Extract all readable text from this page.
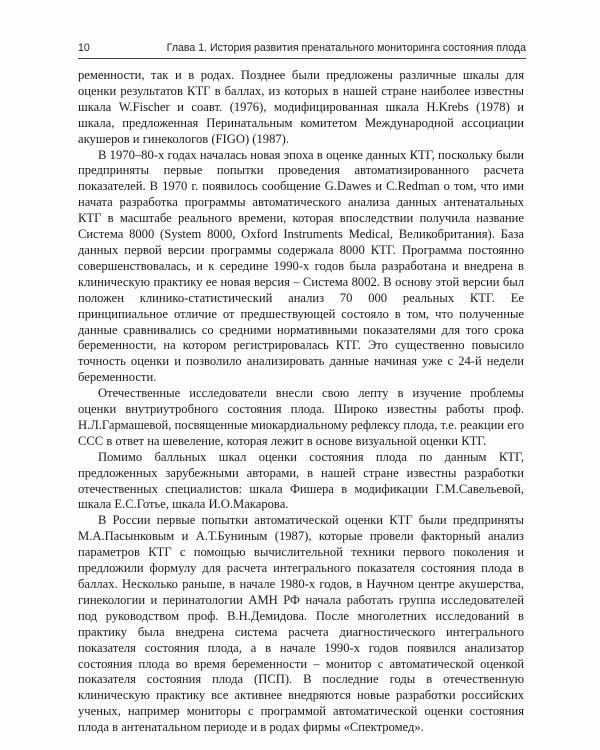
10	Глава 1. История развития пренатального мониторинга состояния плода

ременности, так и в родах. Позднее были предложены различные шкалы для оценки результатов КТГ в баллах, из которых в нашей стране наиболее известны шкала W.Fischer и соавт. (1976), модифицированная шкала H.Krebs (1978) и шкала, предложенная Перинатальным комитетом Международной ассоциации акушеров и гинекологов (FIGO) (1987).

В 1970–80-х годах началась новая эпоха в оценке данных КТГ, поскольку были предприняты первые попытки проведения автоматизированного расчета показателей. В 1970 г. появилось сообщение G.Dawes и C.Redman о том, что ими начата разработка программы автоматического анализа данных антенатальных КТГ в масштабе реального времени, которая впоследствии получила название Система 8000 (System 8000, Oxford Instruments Medical, Великобритания). База данных первой версии программы содержала 8000 КТГ. Программа постоянно совершенствовалась, и к середине 1990-х годов была разработана и внедрена в клиническую практику ее новая версия – Система 8002. В основу этой версии был положен клинико-статистический анализ 70 000 реальных КТГ. Ее принципиальное отличие от предшествующей состояло в том, что полученные данные сравнивались со средними нормативными показателями для того срока беременности, на котором регистрировалась КТГ. Это существенно повысило точность оценки и позволило анализировать данные начиная уже с 24-й недели беременности.

Отечественные исследователи внесли свою лепту в изучение проблемы оценки внутриутробного состояния плода. Широко известны работы проф. Н.Л.Гармашевой, посвященные миокардиальному рефлексу плода, т.е. реакции его ССС в ответ на шевеление, которая лежит в основе визуальной оценки КТГ.

Помимо балльных шкал оценки состояния плода по данным КТГ, предложенных зарубежными авторами, в нашей стране известны разработки отечественных специалистов: шкала Фишера в модификации Г.М.Савельевой, шкала Е.С.Готье, шкала И.О.Макарова.

В России первые попытки автоматической оценки КТГ были предприняты М.А.Пасынковым и А.Т.Буниным (1987), которые провели факторный анализ параметров КТГ с помощью вычислительной техники первого поколения и предложили формулу для расчета интегрального показателя состояния плода в баллах. Несколько раньше, в начале 1980-х годов, в Научном центре акушерства, гинекологии и перинатологии АМН РФ начала работать группа исследователей под руководством проф. В.Н.Демидова. После многолетних исследований в практику была внедрена система расчета диагностического интегрального показателя состояния плода, а в начале 1990-х годов появился анализатор состояния плода во время беременности – монитор с автоматической оценкой показателя состояния плода (ПСП). В последние годы в отечественную клиническую практику все активнее внедряются новые разработки российских ученых, например мониторы с программой автоматической оценки состояния плода в антенатальном периоде и в родах фирмы «Спектромед».
